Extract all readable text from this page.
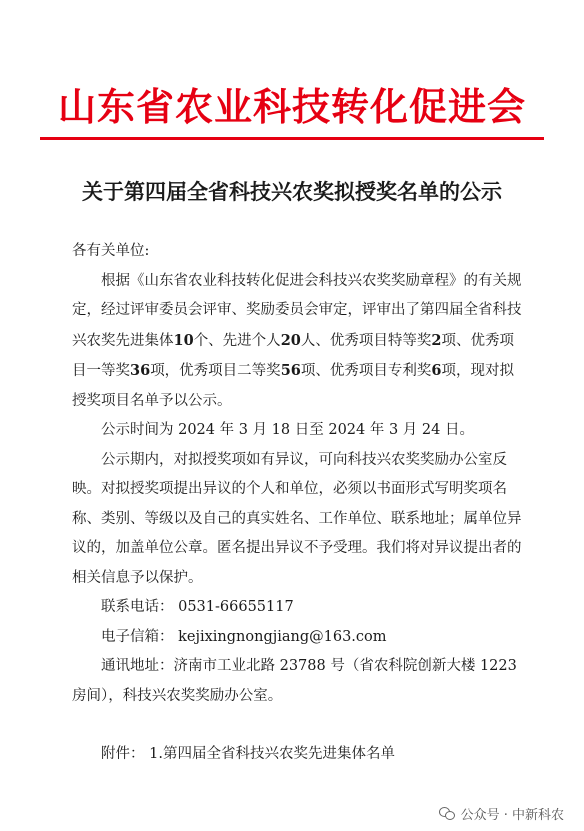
山东省农业科技转化促进会
关于第四届全省科技兴农奖拟授奖名单的公示

各有关单位:

根据《山东省农业科技转化促进会科技兴农奖奖励章程》的有关规定，经过评审委员会评审、奖励委员会审定，评审出了第四届全省科技兴农奖先进集体10个、先进个人20人、优秀项目特等奖2项、优秀项目一等奖36项，优秀项目二等奖56项、优秀项目专利奖6项，现对拟授奖项目名单予以公示。

公示时间为 2024 年 3 月 18 日至 2024 年 3 月 24 日。

公示期内，对拟授奖项如有异议，可向科技兴农奖奖励办公室反映。对拟授奖项提出异议的个人和单位，必须以书面形式写明奖项名称、类别、等级以及自己的真实姓名、工作单位、联系地址；属单位异议的，加盖单位公章。匿名提出异议不予受理。我们将对异议提出者的相关信息予以保护。

联系电话： 0531-66655117

电子信箱： kejixingnongjiang@163.com

通讯地址：济南市工业北路 23788 号（省农科院创新大楼 1223 房间），科技兴农奖奖励办公室。

附件： 1.第四届全省科技兴农奖先进集体名单

公众号 · 中新科农
